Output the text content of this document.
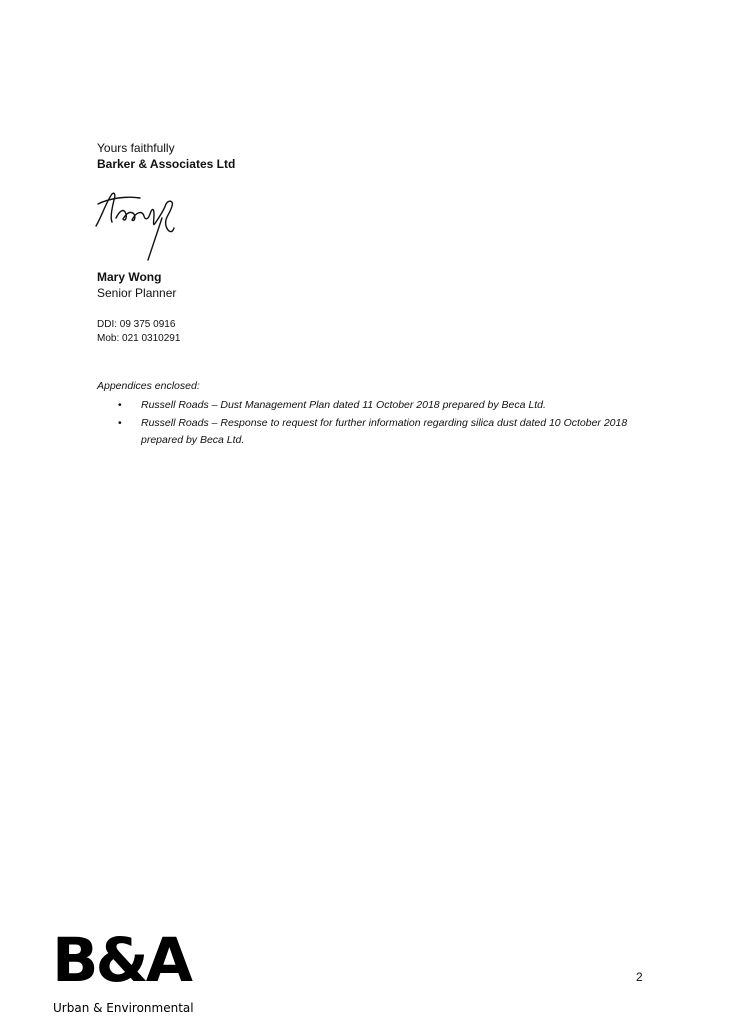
Yours faithfully
Barker & Associates Ltd
Mary Wong
Senior Planner
DDI: 09 375 0916
Mob: 021 0310291
Appendices enclosed:
• Russell Roads – Dust Management Plan dated 11 October 2018 prepared by Beca Ltd.
• Russell Roads – Response to request for further information regarding silica dust dated 10 October 2018 prepared by Beca Ltd.
B&A
Urban & Environmental
2
